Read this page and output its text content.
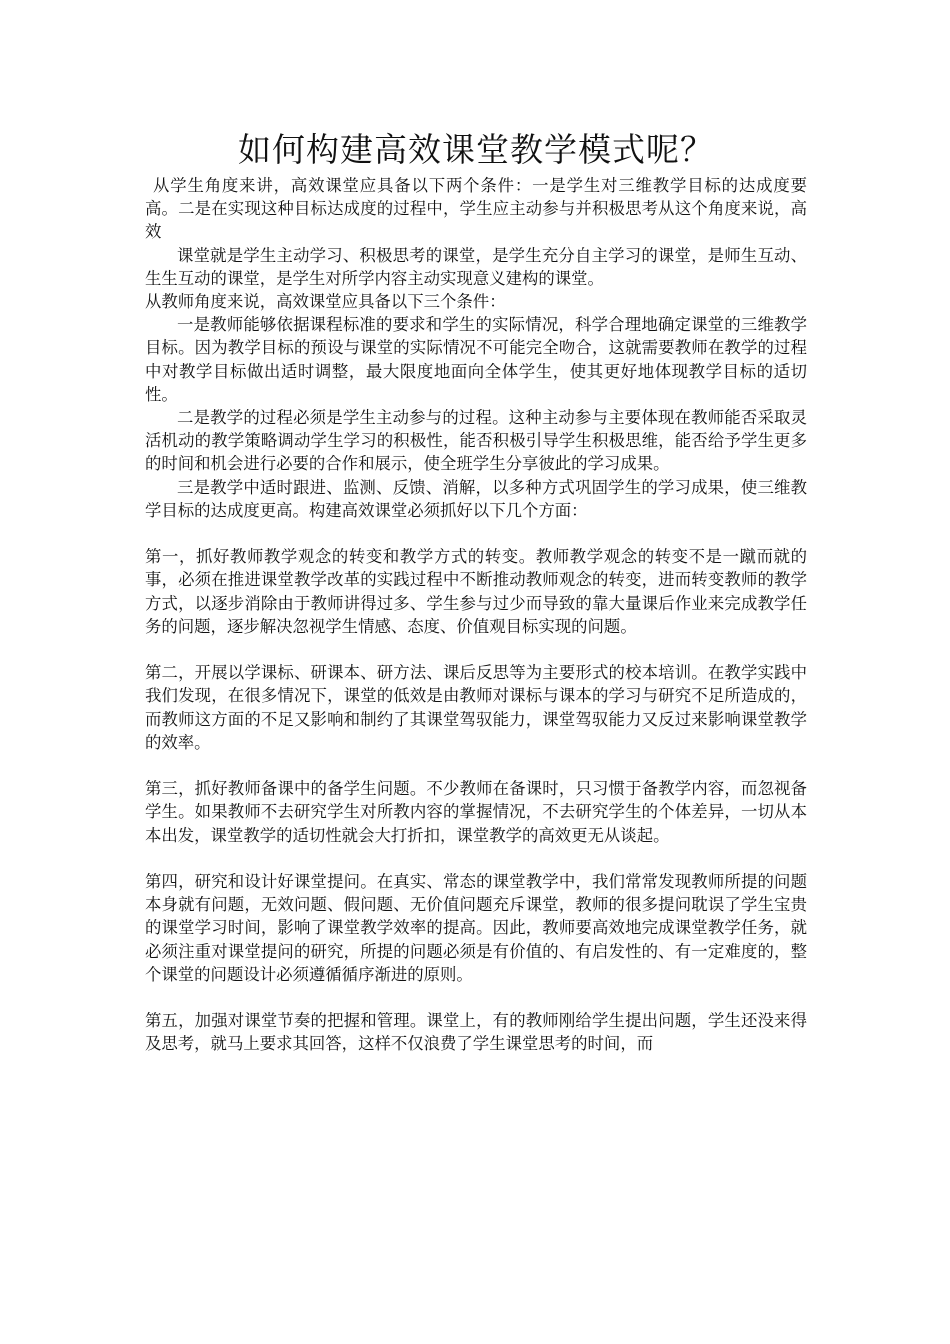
如何构建高效课堂教学模式呢？

从学生角度来讲，高效课堂应具备以下两个条件：一是学生对三维教学目标的达成度要高。二是在实现这种目标达成度的过程中，学生应主动参与并积极思考从这个角度来说，高效

课堂就是学生主动学习、积极思考的课堂，是学生充分自主学习的课堂，是师生互动、生生互动的课堂，是学生对所学内容主动实现意义建构的课堂。

从教师角度来说，高效课堂应具备以下三个条件：

一是教师能够依据课程标准的要求和学生的实际情况，科学合理地确定课堂的三维教学目标。因为教学目标的预设与课堂的实际情况不可能完全吻合，这就需要教师在教学的过程中对教学目标做出适时调整，最大限度地面向全体学生，使其更好地体现教学目标的适切性。

二是教学的过程必须是学生主动参与的过程。这种主动参与主要体现在教师能否采取灵活机动的教学策略调动学生学习的积极性，能否积极引导学生积极思维，能否给予学生更多的时间和机会进行必要的合作和展示，使全班学生分享彼此的学习成果。

三是教学中适时跟进、监测、反馈、消解，以多种方式巩固学生的学习成果，使三维教学目标的达成度更高。构建高效课堂必须抓好以下几个方面：

第一，抓好教师教学观念的转变和教学方式的转变。教师教学观念的转变不是一蹴而就的事，必须在推进课堂教学改革的实践过程中不断推动教师观念的转变，进而转变教师的教学方式，以逐步消除由于教师讲得过多、学生参与过少而导致的靠大量课后作业来完成教学任务的问题，逐步解决忽视学生情感、态度、价值观目标实现的问题。

第二，开展以学课标、研课本、研方法、课后反思等为主要形式的校本培训。在教学实践中我们发现，在很多情况下，课堂的低效是由教师对课标与课本的学习与研究不足所造成的，而教师这方面的不足又影响和制约了其课堂驾驭能力，课堂驾驭能力又反过来影响课堂教学的效率。

第三，抓好教师备课中的备学生问题。不少教师在备课时，只习惯于备教学内容，而忽视备学生。如果教师不去研究学生对所教内容的掌握情况，不去研究学生的个体差异，一切从本本出发，课堂教学的适切性就会大打折扣，课堂教学的高效更无从谈起。

第四，研究和设计好课堂提问。在真实、常态的课堂教学中，我们常常发现教师所提的问题本身就有问题，无效问题、假问题、无价值问题充斥课堂，教师的很多提问耽误了学生宝贵的课堂学习时间，影响了课堂教学效率的提高。因此，教师要高效地完成课堂教学任务，就必须注重对课堂提问的研究，所提的问题必须是有价值的、有启发性的、有一定难度的，整个课堂的问题设计必须遵循循序渐进的原则。

第五，加强对课堂节奏的把握和管理。课堂上，有的教师刚给学生提出问题，学生还没来得及思考，就马上要求其回答，这样不仅浪费了学生课堂思考的时间，而
